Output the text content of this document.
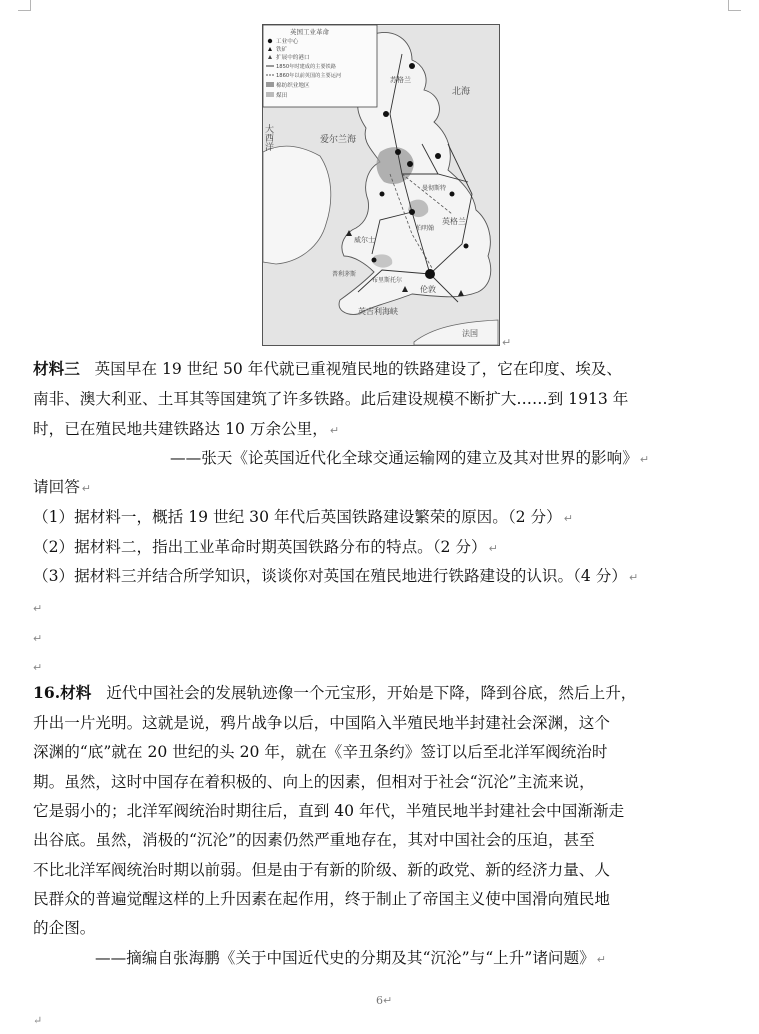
英国工业革命
工业中心
铁矿
扩展中的港口
1850年时建成的主要铁路
1860年以前英国的主要运河
棉纺织业地区
煤田
大西洋	爱尔兰海
北海
苏格兰
英格兰
威尔士
伦敦
曼彻斯特
伯明翰
布里斯托尔
普利茅斯
英吉利海峡
法国
↵
材料三 英国早在 19 世纪 50 年代就已重视殖民地的铁路建设了，它在印度、埃及、
南非、澳大利亚、土耳其等国建筑了许多铁路。此后建设规模不断扩大……到 1913 年
时，已在殖民地共建铁路达 10 万余公里， ↵
——张天《论英国近代化全球交通运输网的建立及其对世界的影响》 ↵
请回答 ↵
（1）据材料一，概括 19 世纪 30 年代后英国铁路建设繁荣的原因。（2 分） ↵
（2）据材料二，指出工业革命时期英国铁路分布的特点。（2 分） ↵
（3）据材料三并结合所学知识，谈谈你对英国在殖民地进行铁路建设的认识。（4 分） ↵
↵
↵
↵
16.材料 近代中国社会的发展轨迹像一个元宝形，开始是下降，降到谷底，然后上升，
升出一片光明。这就是说，鸦片战争以后，中国陷入半殖民地半封建社会深渊，这个
深渊的“底”就在 20 世纪的头 20 年，就在《辛丑条约》签订以后至北洋军阀统治时
期。虽然，这时中国存在着积极的、向上的因素，但相对于社会“沉沦”主流来说，
它是弱小的；北洋军阀统治时期往后，直到 40 年代，半殖民地半封建社会中国渐渐走
出谷底。虽然，消极的“沉沦”的因素仍然严重地存在，其对中国社会的压迫，甚至
不比北洋军阀统治时期以前弱。但是由于有新的阶级、新的政党、新的经济力量、人
民群众的普遍觉醒这样的上升因素在起作用，终于制止了帝国主义使中国滑向殖民地
的企图。
——摘编自张海鹏《关于中国近代史的分期及其“沉沦”与“上升”诸问题》 ↵
6↵
↵
